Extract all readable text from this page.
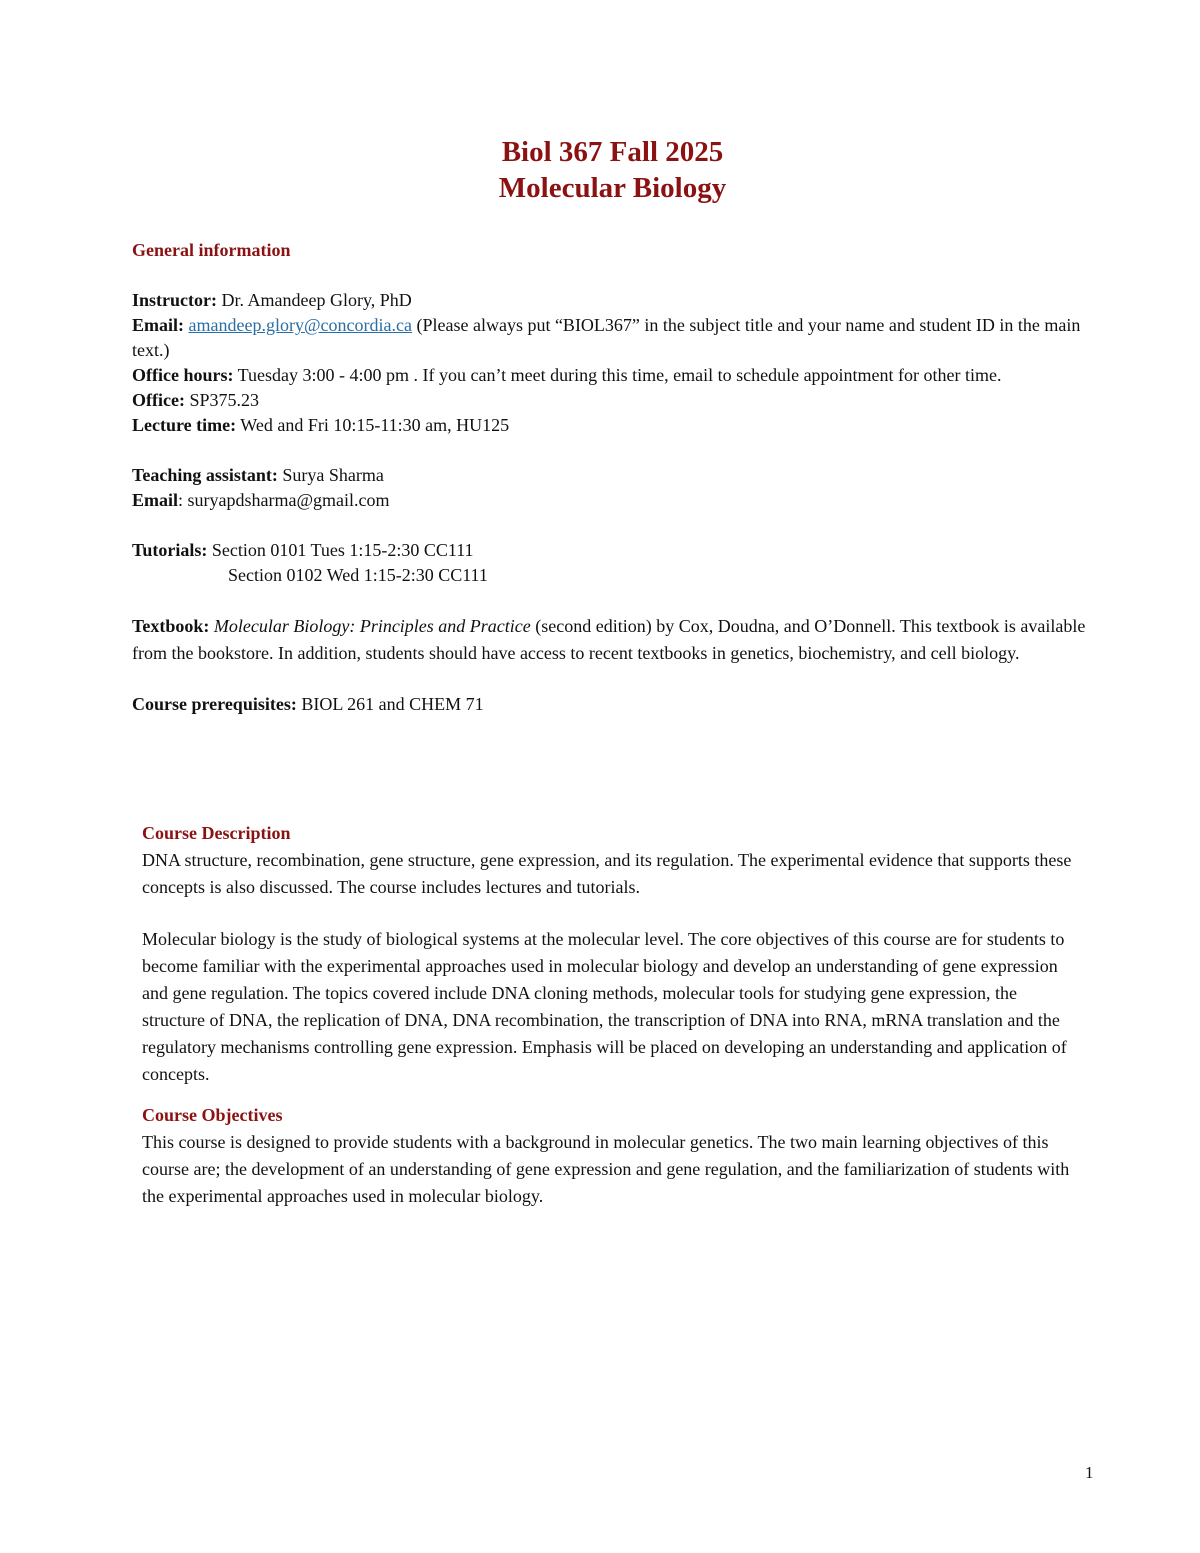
Biol 367 Fall 2025
Molecular Biology

General information

Instructor: Dr. Amandeep Glory, PhD

Email: amandeep.glory@concordia.ca (Please always put “BIOL367” in the subject title and your name and student ID in the main text.)

Office hours: Tuesday 3:00 - 4:00 pm . If you can’t meet during this time, email to schedule appointment for other time.

Office: SP375.23

Lecture time: Wed and Fri 10:15-11:30 am, HU125

Teaching assistant: Surya Sharma

Email: suryapdsharma@gmail.com

Tutorials: Section 0101 Tues 1:15-2:30 CC111

Section 0102 Wed 1:15-2:30 CC111

Textbook: Molecular Biology: Principles and Practice (second edition) by Cox, Doudna, and O’Donnell. This textbook is available from the bookstore. In addition, students should have access to recent textbooks in genetics, biochemistry, and cell biology.

Course prerequisites: BIOL 261 and CHEM 71

Course Description

DNA structure, recombination, gene structure, gene expression, and its regulation. The experimental evidence that supports these concepts is also discussed. The course includes lectures and tutorials.

Molecular biology is the study of biological systems at the molecular level. The core objectives of this course are for students to become familiar with the experimental approaches used in molecular biology and develop an understanding of gene expression and gene regulation. The topics covered include DNA cloning methods, molecular tools for studying gene expression, the structure of DNA, the replication of DNA, DNA recombination, the transcription of DNA into RNA, mRNA translation and the regulatory mechanisms controlling gene expression. Emphasis will be placed on developing an understanding and application of concepts.

Course Objectives

This course is designed to provide students with a background in molecular genetics. The two main learning objectives of this course are; the development of an understanding of gene expression and gene regulation, and the familiarization of students with the experimental approaches used in molecular biology.

1
